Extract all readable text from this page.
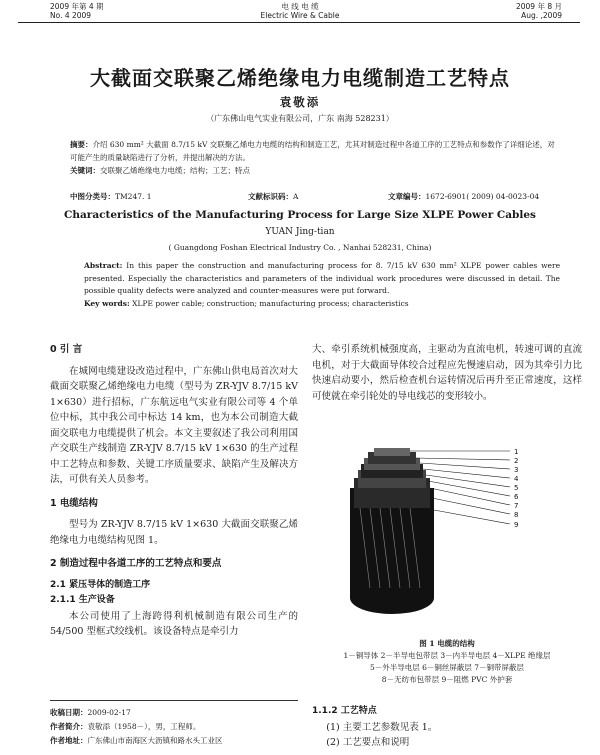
2009 年第 4 期
No. 4 2009
电 线 电 缆
Electric Wire & Cable
2009 年 8 月
Aug. ,2009
大截面交联聚乙烯绝缘电力电缆制造工艺特点
袁敬添
（广东佛山电气实业有限公司，广东 南海 528231）
摘要：介绍 630 mm² 大截面 8.7/15 kV 交联聚乙烯电力电缆的结构和制造工艺，尤其对制造过程中各道工序的工艺特点和参数作了详细论述，对可能产生的质量缺陷进行了分析，并提出解决的方法。
关键词：交联聚乙烯绝缘电力电缆；结构；工艺；特点
中图分类号：TM247. 1	文献标识码：A	文章编号：1672-6901( 2009) 04-0023-04
Characteristics of the Manufacturing Process for Large Size XLPE Power Cables
YUAN Jing-tian
( Guangdong Foshan Electrical Industry Co. , Nanhai 528231, China)
Abstract: In this paper the construction and manufacturing process for 8. 7/15 kV 630 mm² XLPE power cables were presented. Especially the characteristics and parameters of the individual work procedures were discussed in detail. The possible quality defects were analyzed and counter-measures were put forward.
Key words: XLPE power cable; construction; manufacturing process; characteristics
0 引 言

在城网电缆建设改造过程中，广东佛山供电局首次对大截面交联聚乙烯绝缘电力电缆（型号为 ZR-YJV 8.7/15 kV 1×630）进行招标，广东航远电气实业有限公司等 4 个单位中标，其中我公司中标达 14 km，也为本公司制造大截面交联电力电缆提供了机会。本文主要叙述了我公司利用国产交联生产线制造 ZR-YJV 8.7/15 kV 1×630 的生产过程中工艺特点和参数、关键工序质量要求、缺陷产生及解决方法，可供有关人员参考。

1 电缆结构

型号为 ZR-YJV 8.7/15 kV 1×630 大截面交联聚乙烯绝缘电力电缆结构见图 1。

2 制造过程中各道工序的工艺特点和要点
2.1 紧压导体的制造工序
2.1.1 生产设备

本公司使用了上海跨得利机械制造有限公司生产的 54/500 型框式绞线机。该设备特点是牵引力

收稿日期：2009-02-17
作者简介：袁敬添（1958－），男，工程师。
作者地址：广东佛山市南海区大沥镇和路水头工业区

大、牵引系统机械强度高，主驱动为直流电机，转速可调的直流电机，对于大截面导体绞合过程应先慢速启动，因为其牵引力比快速启动要小，然后检查机台运转情况后再升至正常速度，这样可使就在牵引轮处的导电线芯的变形较小。

1
2
3
4
5
6
7
8
9
图 1 电缆的结构
1－铜导体 2－半导电包带层 3－内半导电层 4－XLPE 绝缘层
5－外半导电层 6－铜丝屏蔽层 7－铜带屏蔽层
8－无纺布包带层 9－阻燃 PVC 外护套
1.1.2 工艺特点
(1) 主要工艺参数见表 1。
(2) 工艺要点和说明
